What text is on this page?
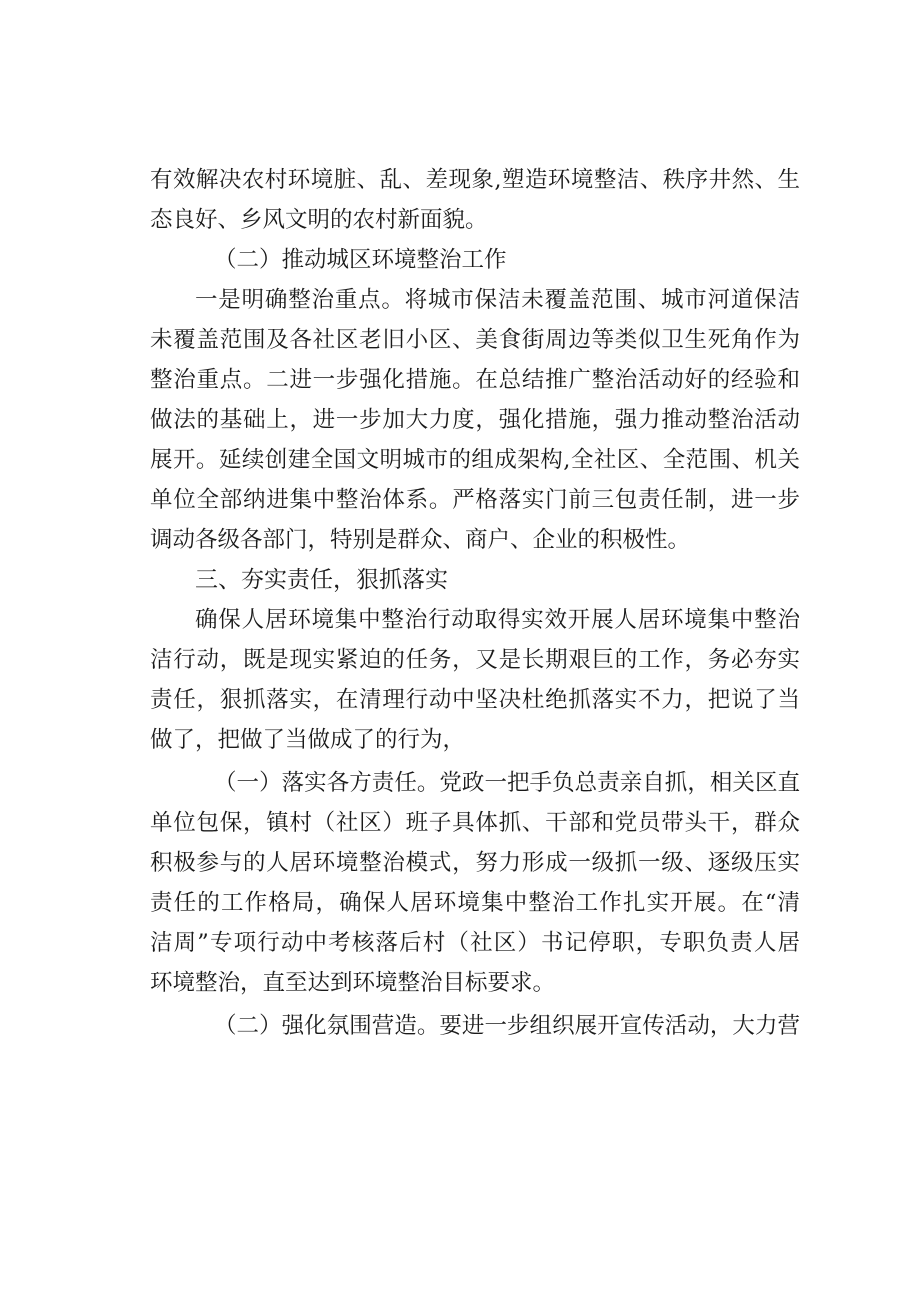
有效解决农村环境脏、乱、差现象,塑造环境整洁、秩序井然、生
态良好、乡风文明的农村新面貌。
（二）推动城区环境整治工作
一是明确整治重点。将城市保洁未覆盖范围、城市河道保洁
未覆盖范围及各社区老旧小区、美食街周边等类似卫生死角作为
整治重点。二进一步强化措施。在总结推广整治活动好的经验和
做法的基础上，进一步加大力度，强化措施，强力推动整治活动
展开。延续创建全国文明城市的组成架构,全社区、全范围、机关
单位全部纳进集中整治体系。严格落实门前三包责任制，进一步
调动各级各部门，特别是群众、商户、企业的积极性。
三、夯实责任，狠抓落实
确保人居环境集中整治行动取得实效开展人居环境集中整治
洁行动，既是现实紧迫的任务，又是长期艰巨的工作，务必夯实
责任，狠抓落实，在清理行动中坚决杜绝抓落实不力，把说了当
做了，把做了当做成了的行为，
（一）落实各方责任。党政一把手负总责亲自抓，相关区直
单位包保，镇村（社区）班子具体抓、干部和党员带头干，群众
积极参与的人居环境整治模式，努力形成一级抓一级、逐级压实
责任的工作格局，确保人居环境集中整治工作扎实开展。在“清
洁周”专项行动中考核落后村（社区）书记停职，专职负责人居
环境整治，直至达到环境整治目标要求。
（二）强化氛围营造。要进一步组织展开宣传活动，大力营
